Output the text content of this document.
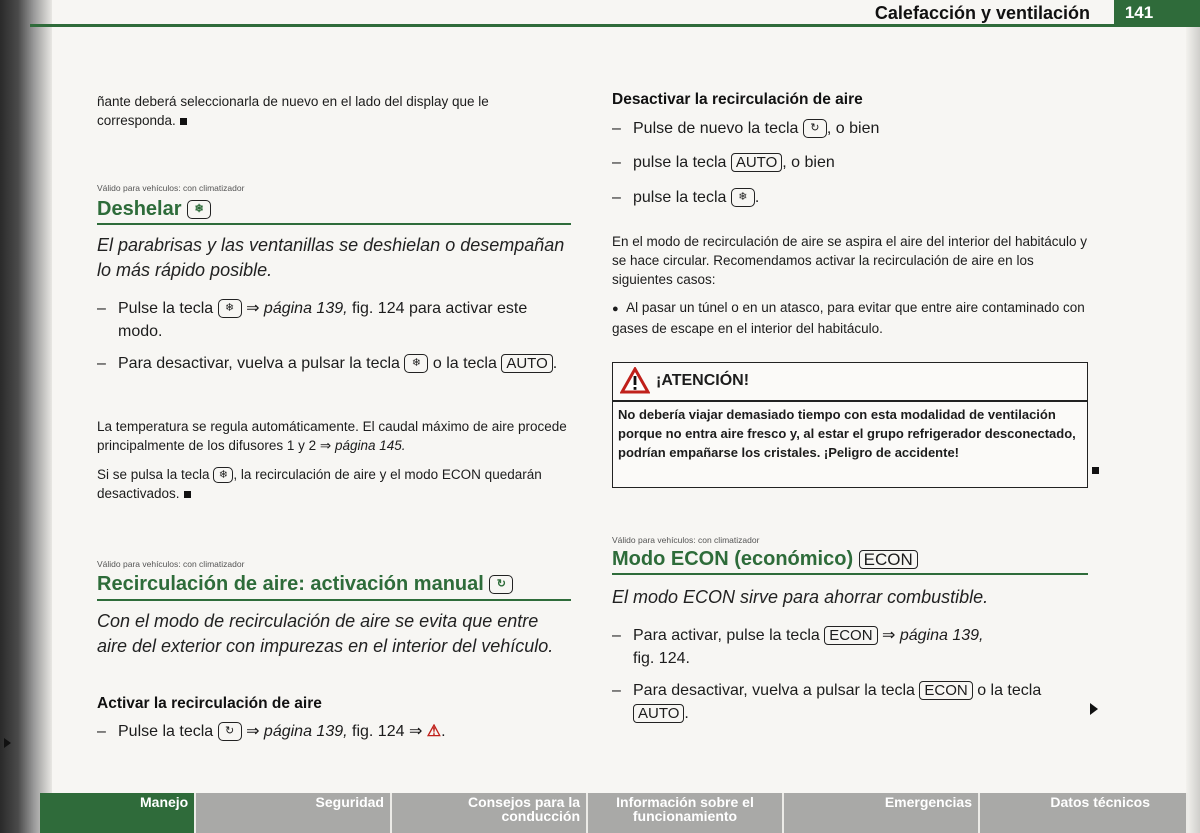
Calefacción y ventilación	141
ñante deberá seleccionarla de nuevo en el lado del display que le corresponda.
Válido para vehículos: con climatizador
Deshelar ❄
El parabrisas y las ventanillas se deshielan o desempañan lo más rápido posible.
– Pulse la tecla ❄ ⇒ página 139, fig. 124 para activar este modo.
– Para desactivar, vuelva a pulsar la tecla ❄ o la tecla AUTO .
La temperatura se regula automáticamente. El caudal máximo de aire procede principalmente de los difusores 1 y 2 ⇒ página 145.
Si se pulsa la tecla ❄ , la recirculación de aire y el modo ECON quedarán desactivados.
Válido para vehículos: con climatizador
Recirculación de aire: activación manual ↻
Con el modo de recirculación de aire se evita que entre aire del exterior con impurezas en el interior del vehículo.
Activar la recirculación de aire
– Pulse la tecla ↻ ⇒ página 139, fig. 124 ⇒ ⚠.
Desactivar la recirculación de aire
– Pulse de nuevo la tecla ↻ , o bien
– pulse la tecla AUTO , o bien
– pulse la tecla ❄ .
En el modo de recirculación de aire se aspira el aire del interior del habitáculo y se hace circular. Recomendamos activar la recirculación de aire en los siguientes casos:
● Al pasar un túnel o en un atasco, para evitar que entre aire contaminado con gases de escape en el interior del habitáculo.
¡ATENCIÓN!
No debería viajar demasiado tiempo con esta modalidad de ventilación porque no entra aire fresco y, al estar el grupo refrigerador desconectado, podrían empañarse los cristales. ¡Peligro de accidente!
Válido para vehículos: con climatizador
Modo ECON (económico) ECON
El modo ECON sirve para ahorrar combustible.
– Para activar, pulse la tecla ECON ⇒ página 139,
fig. 124.
– Para desactivar, vuelva a pulsar la tecla ECON o la tecla AUTO .
Manejo	Seguridad	Consejos para la conducción
Información sobre el funcionamiento
Emergencias	Datos técnicos
